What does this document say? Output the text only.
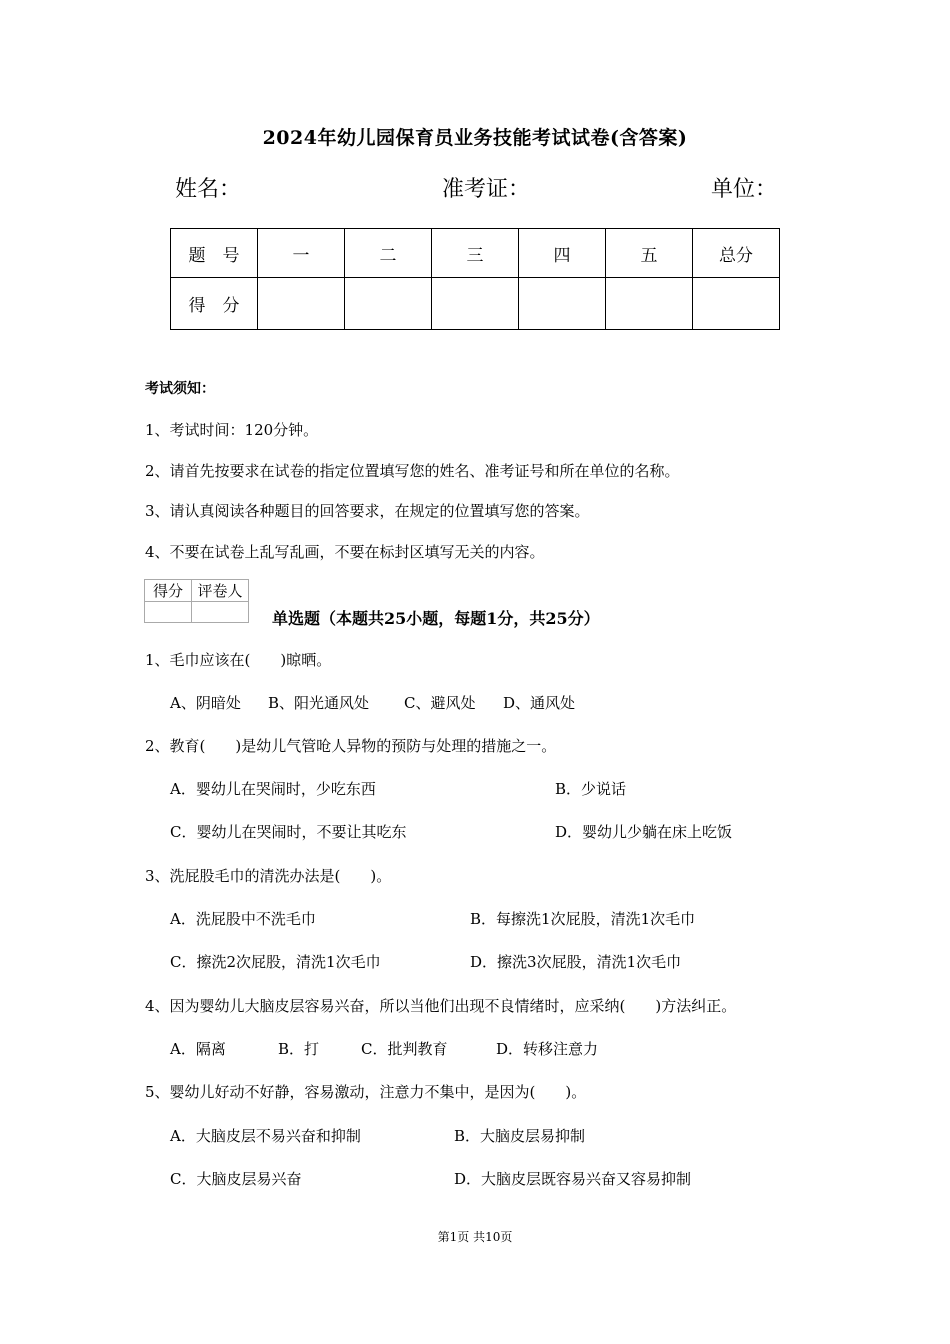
2024年幼儿园保育员业务技能考试试卷(含答案)
姓名：	准考证：	单位：
题　号	一	二	三	四	五	总分
得　分						
考试须知：
1、考试时间：120分钟。
2、请首先按要求在试卷的指定位置填写您的姓名、准考证号和所在单位的名称。
3、请认真阅读各种题目的回答要求，在规定的位置填写您的答案。
4、不要在试卷上乱写乱画，不要在标封区填写无关的内容。
得分	评卷人

单选题（本题共25小题，每题1分，共25分）
1、毛巾应该在(　　)晾晒。
A、阴暗处 B、阳光通风处 C、避风处 D、通风处
2、教育(　　)是幼儿气管呛人异物的预防与处理的措施之一。
A．婴幼儿在哭闹时，少吃东西	B．少说话
C．婴幼儿在哭闹时，不要让其吃东	D．婴幼儿少躺在床上吃饭
3、洗屁股毛巾的清洗办法是(　　)。
A．洗屁股中不洗毛巾	B．每擦洗1次屁股，清洗1次毛巾
C．擦洗2次屁股，清洗1次毛巾	D．擦洗3次屁股，清洗1次毛巾
4、因为婴幼儿大脑皮层容易兴奋，所以当他们出现不良情绪时，应采纳(　　)方法纠正。
A．隔离	B．打	C．批判教育	D．转移注意力
5、婴幼儿好动不好静，容易激动，注意力不集中，是因为(　　)。
A．大脑皮层不易兴奋和抑制	B．大脑皮层易抑制
C．大脑皮层易兴奋	D．大脑皮层既容易兴奋又容易抑制
第1页 共10页
